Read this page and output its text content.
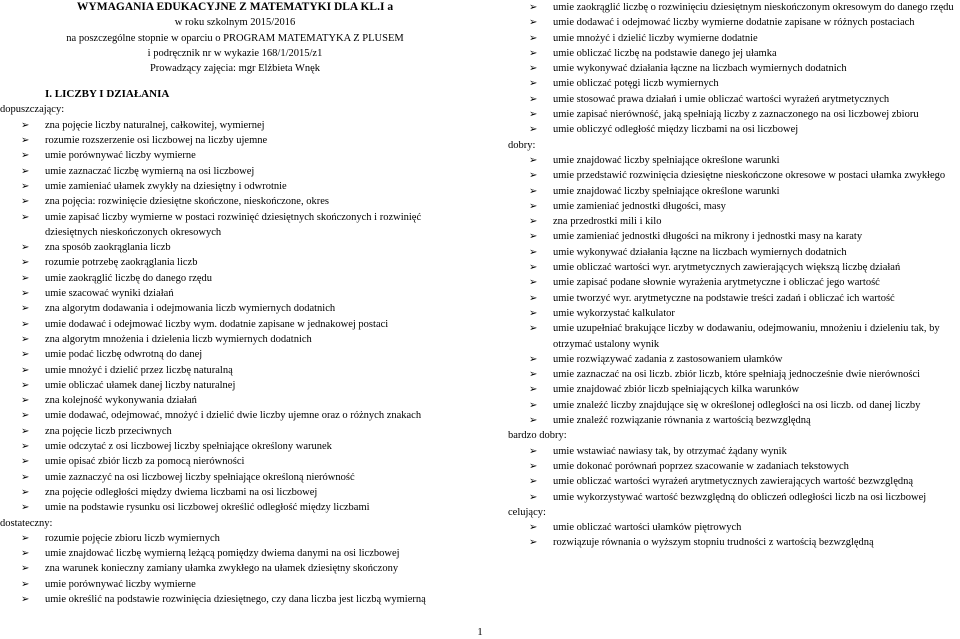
WYMAGANIA EDUKACYJNE Z MATEMATYKI DLA KL.I a
w roku szkolnym 2015/2016
na poszczególne stopnie w oparciu o PROGRAM MATEMATYKA Z PLUSEM
i podręcznik nr w wykazie 168/1/2015/z1
Prowadzący zajęcia: mgr Elżbieta Wnęk
I. LICZBY I DZIAŁANIA
dopuszczający:
➢ zna pojęcie liczby naturalnej, całkowitej, wymiernej
➢ rozumie rozszerzenie osi liczbowej na liczby ujemne
➢ umie porównywać liczby wymierne
➢ umie zaznaczać liczbę wymierną na osi liczbowej
➢ umie zamieniać ułamek zwykły na dziesiętny i odwrotnie
➢ zna pojęcia: rozwinięcie dziesiętne skończone, nieskończone, okres
➢ umie zapisać liczby wymierne w postaci rozwinięć dziesiętnych skończonych i rozwinięć dziesiętnych nieskończonych okresowych
➢ zna sposób zaokrąglania liczb
➢ rozumie potrzebę zaokrąglania liczb
➢ umie zaokrąglić liczbę do danego rzędu
➢ umie szacować wyniki działań
➢ zna algorytm dodawania i odejmowania liczb wymiernych dodatnich
➢ umie dodawać i odejmować liczby wym. dodatnie zapisane w jednakowej postaci
➢ zna algorytm mnożenia i dzielenia liczb wymiernych dodatnich
➢ umie podać liczbę odwrotną do danej
➢ umie mnożyć i dzielić przez liczbę naturalną
➢ umie obliczać ułamek danej liczby naturalnej
➢ zna kolejność wykonywania działań
➢ umie dodawać, odejmować, mnożyć i dzielić dwie liczby ujemne oraz o różnych znakach
➢ zna pojęcie liczb przeciwnych
➢ umie odczytać z osi liczbowej liczby spełniające określony warunek
➢ umie opisać zbiór liczb za pomocą nierówności
➢ umie zaznaczyć na osi liczbowej liczby spełniające określoną nierówność
➢ zna pojęcie odległości między dwiema liczbami na osi liczbowej
➢ umie na podstawie rysunku osi liczbowej określić odległość między liczbami
dostateczny:
➢ rozumie pojęcie zbioru liczb wymiernych
➢ umie znajdować liczbę wymierną leżącą pomiędzy dwiema danymi na osi liczbowej
➢ zna warunek konieczny zamiany ułamka zwykłego na ułamek dziesiętny skończony
➢ umie porównywać liczby wymierne
➢ umie określić na podstawie rozwinięcia dziesiętnego, czy dana liczba jest liczbą wymierną
➢ umie zaokrąglić liczbę o rozwinięciu dziesiętnym nieskończonym okresowym do danego rzędu
➢ umie dodawać i odejmować liczby wymierne dodatnie zapisane w różnych postaciach
➢ umie mnożyć i dzielić liczby wymierne dodatnie
➢ umie obliczać liczbę na podstawie danego jej ułamka
➢ umie wykonywać działania łączne na liczbach wymiernych dodatnich
➢ umie obliczać potęgi liczb wymiernych
➢ umie stosować prawa działań i umie obliczać wartości wyrażeń arytmetycznych
➢ umie zapisać nierówność, jaką spełniają liczby z zaznaczonego na osi liczbowej zbioru
➢ umie obliczyć odległość między liczbami na osi liczbowej
dobry:
➢ umie znajdować liczby spełniające określone warunki
➢ umie przedstawić rozwinięcia dziesiętne nieskończone okresowe w postaci ułamka zwykłego
➢ umie znajdować liczby spełniające określone warunki
➢ umie zamieniać jednostki długości, masy
➢ zna przedrostki mili i kilo
➢ umie zamieniać jednostki długości na mikrony i jednostki masy na karaty
➢ umie wykonywać działania łączne na liczbach wymiernych dodatnich
➢ umie obliczać wartości wyr. arytmetycznych zawierających większą liczbę działań
➢ umie zapisać podane słownie wyrażenia arytmetyczne i obliczać jego wartość
➢ umie tworzyć wyr. arytmetyczne na podstawie treści zadań i obliczać ich wartość
➢ umie wykorzystać kalkulator
➢ umie uzupełniać brakujące liczby w dodawaniu, odejmowaniu, mnożeniu i dzieleniu tak, by otrzymać ustalony wynik
➢ umie rozwiązywać zadania z zastosowaniem ułamków
➢ umie zaznaczać na osi liczb. zbiór liczb, które spełniają jednocześnie dwie nierówności
➢ umie znajdować zbiór liczb spełniających kilka warunków
➢ umie znaleźć liczby znajdujące się w określonej odległości na osi liczb. od danej liczby
➢ umie znaleźć rozwiązanie równania z wartością bezwzględną
bardzo dobry:
➢ umie wstawiać nawiasy tak, by otrzymać żądany wynik
➢ umie dokonać porównań poprzez szacowanie w zadaniach tekstowych
➢ umie obliczać wartości wyrażeń arytmetycznych zawierających wartość bezwzględną
➢ umie wykorzystywać wartość bezwzględną do obliczeń odległości liczb na osi liczbowej
celujący:
➢ umie obliczać wartości ułamków piętrowych
➢ rozwiązuje równania o wyższym stopniu trudności z wartością bezwzględną
1
